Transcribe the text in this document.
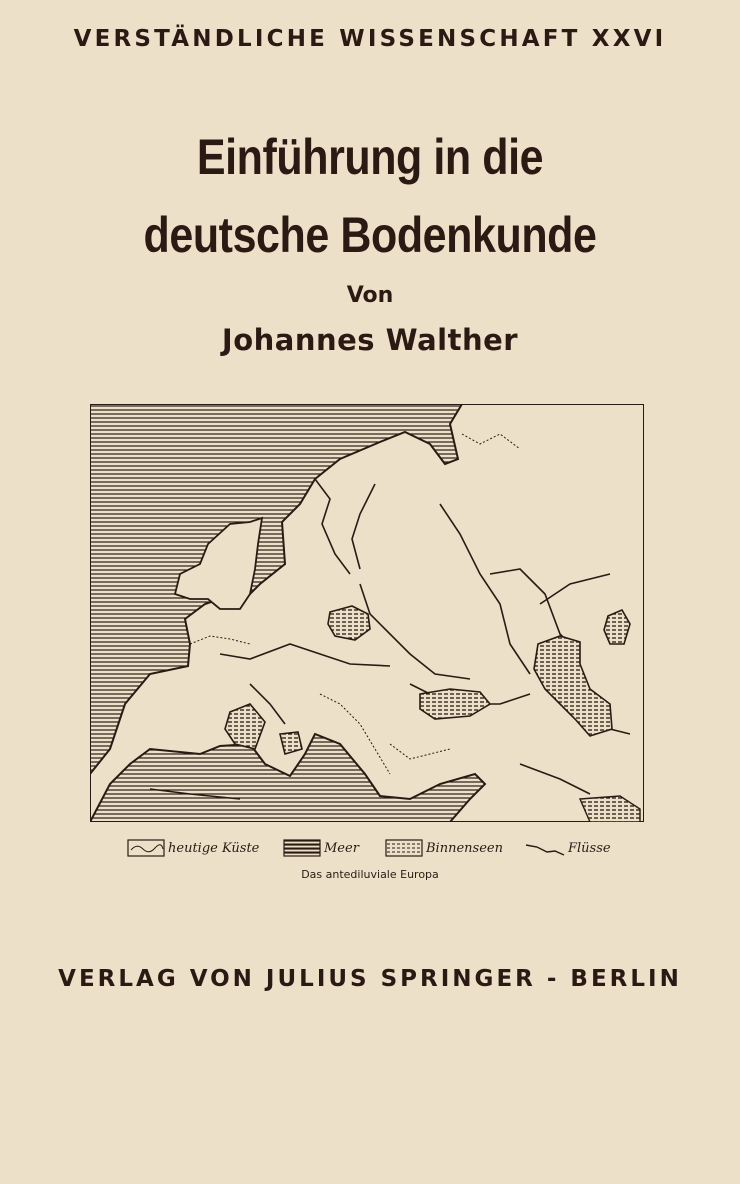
VERSTÄNDLICHE WISSENSCHAFT XXVI
Einführung in die
deutsche Bodenkunde
Von
Johannes Walther
heutige Küste	Meer	Binnenseen	Flüsse
Das antediluviale Europa
VERLAG VON JULIUS SPRINGER - BERLIN
